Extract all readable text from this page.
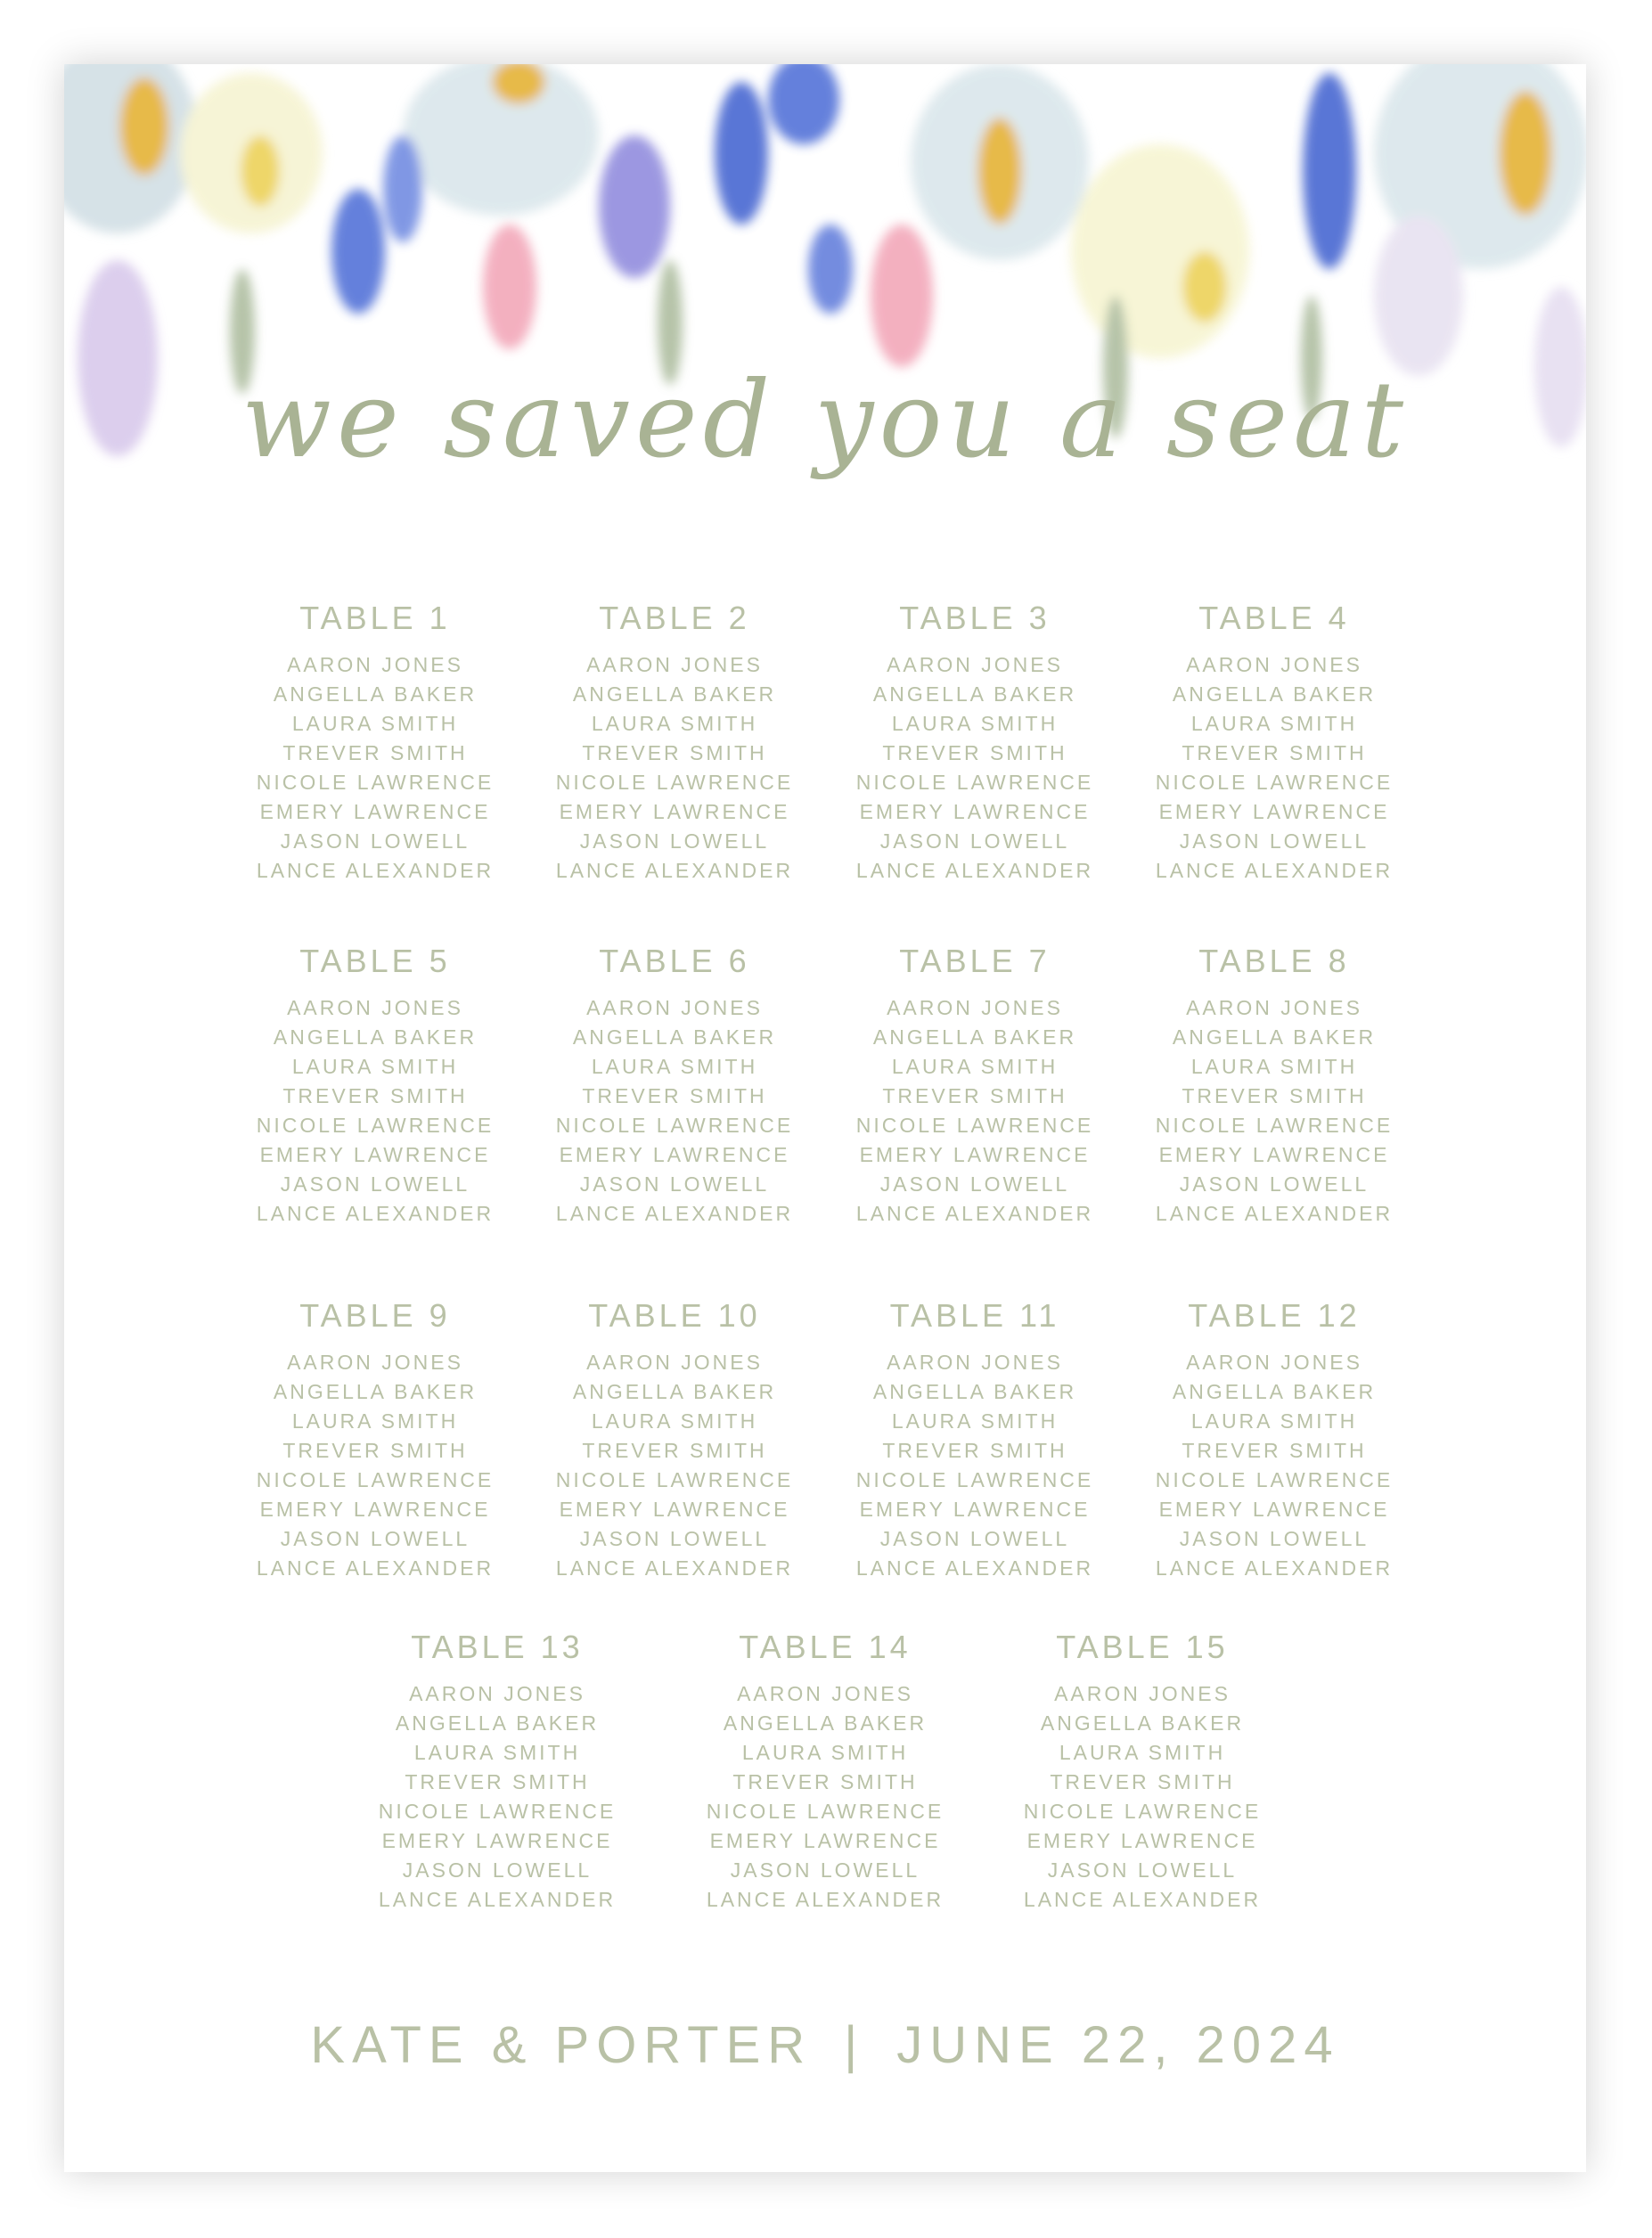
we saved you a seat
TABLE 1
AARON JONES
ANGELLA BAKER
LAURA SMITH
TREVER SMITH
NICOLE LAWRENCE
EMERY LAWRENCE
JASON LOWELL
LANCE ALEXANDER
TABLE 2
AARON JONES
ANGELLA BAKER
LAURA SMITH
TREVER SMITH
NICOLE LAWRENCE
EMERY LAWRENCE
JASON LOWELL
LANCE ALEXANDER
TABLE 3
AARON JONES
ANGELLA BAKER
LAURA SMITH
TREVER SMITH
NICOLE LAWRENCE
EMERY LAWRENCE
JASON LOWELL
LANCE ALEXANDER
TABLE 4
AARON JONES
ANGELLA BAKER
LAURA SMITH
TREVER SMITH
NICOLE LAWRENCE
EMERY LAWRENCE
JASON LOWELL
LANCE ALEXANDER
TABLE 5
AARON JONES
ANGELLA BAKER
LAURA SMITH
TREVER SMITH
NICOLE LAWRENCE
EMERY LAWRENCE
JASON LOWELL
LANCE ALEXANDER
TABLE 6
AARON JONES
ANGELLA BAKER
LAURA SMITH
TREVER SMITH
NICOLE LAWRENCE
EMERY LAWRENCE
JASON LOWELL
LANCE ALEXANDER
TABLE 7
AARON JONES
ANGELLA BAKER
LAURA SMITH
TREVER SMITH
NICOLE LAWRENCE
EMERY LAWRENCE
JASON LOWELL
LANCE ALEXANDER
TABLE 8
AARON JONES
ANGELLA BAKER
LAURA SMITH
TREVER SMITH
NICOLE LAWRENCE
EMERY LAWRENCE
JASON LOWELL
LANCE ALEXANDER
TABLE 9
AARON JONES
ANGELLA BAKER
LAURA SMITH
TREVER SMITH
NICOLE LAWRENCE
EMERY LAWRENCE
JASON LOWELL
LANCE ALEXANDER
TABLE 10
AARON JONES
ANGELLA BAKER
LAURA SMITH
TREVER SMITH
NICOLE LAWRENCE
EMERY LAWRENCE
JASON LOWELL
LANCE ALEXANDER
TABLE 11
AARON JONES
ANGELLA BAKER
LAURA SMITH
TREVER SMITH
NICOLE LAWRENCE
EMERY LAWRENCE
JASON LOWELL
LANCE ALEXANDER
TABLE 12
AARON JONES
ANGELLA BAKER
LAURA SMITH
TREVER SMITH
NICOLE LAWRENCE
EMERY LAWRENCE
JASON LOWELL
LANCE ALEXANDER
TABLE 13
AARON JONES
ANGELLA BAKER
LAURA SMITH
TREVER SMITH
NICOLE LAWRENCE
EMERY LAWRENCE
JASON LOWELL
LANCE ALEXANDER
TABLE 14
AARON JONES
ANGELLA BAKER
LAURA SMITH
TREVER SMITH
NICOLE LAWRENCE
EMERY LAWRENCE
JASON LOWELL
LANCE ALEXANDER
TABLE 15
AARON JONES
ANGELLA BAKER
LAURA SMITH
TREVER SMITH
NICOLE LAWRENCE
EMERY LAWRENCE
JASON LOWELL
LANCE ALEXANDER
KATE & PORTER | JUNE 22, 2024
